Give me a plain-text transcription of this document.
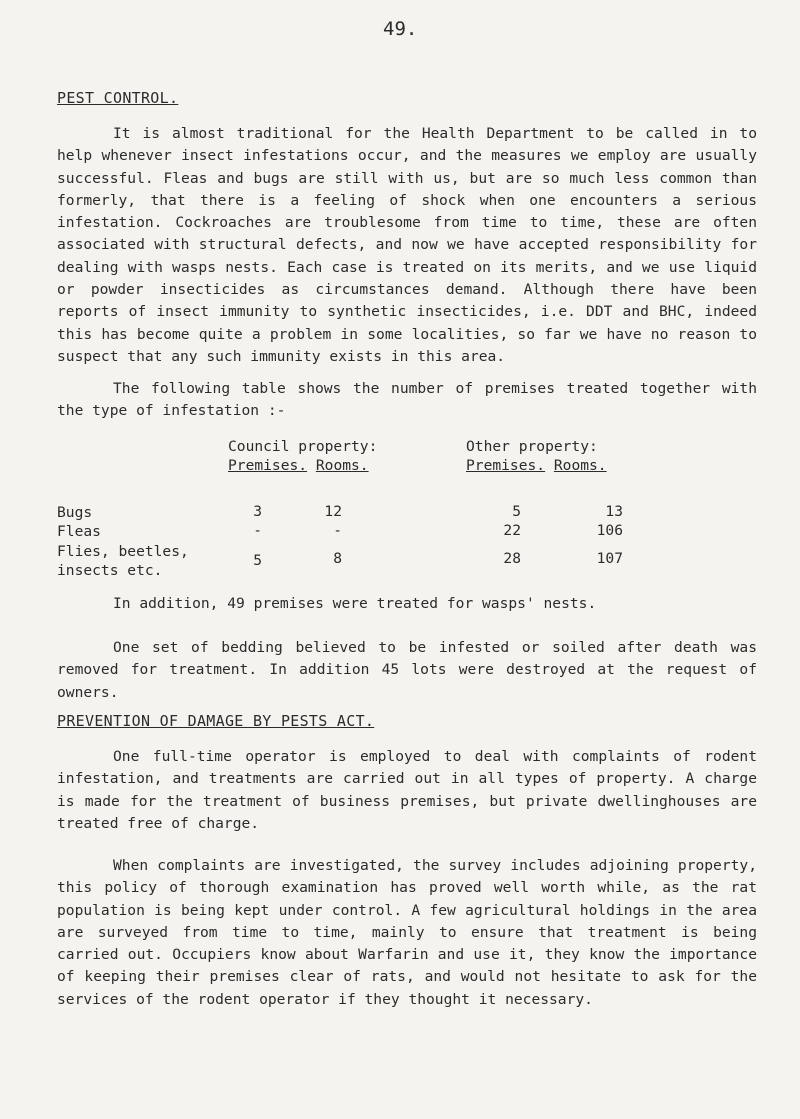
49.
PEST CONTROL.

It is almost traditional for the Health Department to be called in to help whenever insect infestations occur, and the measures we employ are usually successful. Fleas and bugs are still with us, but are so much less common than formerly, that there is a feeling of shock when one encounters a serious infestation. Cockroaches are troublesome from time to time, these are often associated with structural defects, and now we have accepted responsibility for dealing with wasps nests. Each case is treated on its merits, and we use liquid or powder insecticides as circumstances demand. Although there have been reports of insect immunity to synthetic insecticides, i.e. DDT and BHC, indeed this has become quite a problem in some localities, so far we have no reason to suspect that any such immunity exists in this area.

The following table shows the number of premises treated together with the type of infestation :-

Council property:
Premises. Rooms.
Other property:
Premises. Rooms.
Bugs	3	12	5	13
Fleas	-	-	22	106
Flies, beetles,
insects etc.
5	8	28	107

In addition, 49 premises were treated for wasps' nests.

One set of bedding believed to be infested or soiled after death was removed for treatment. In addition 45 lots were destroyed at the request of owners.

PREVENTION OF DAMAGE BY PESTS ACT.

One full-time operator is employed to deal with complaints of rodent infestation, and treatments are carried out in all types of property. A charge is made for the treatment of business premises, but private dwellinghouses are treated free of charge.

When complaints are investigated, the survey includes adjoining property, this policy of thorough examination has proved well worth while, as the rat population is being kept under control. A few agricultural holdings in the area are surveyed from time to time, mainly to ensure that treatment is being carried out. Occupiers know about Warfarin and use it, they know the importance of keeping their premises clear of rats, and would not hesitate to ask for the services of the rodent operator if they thought it necessary.
